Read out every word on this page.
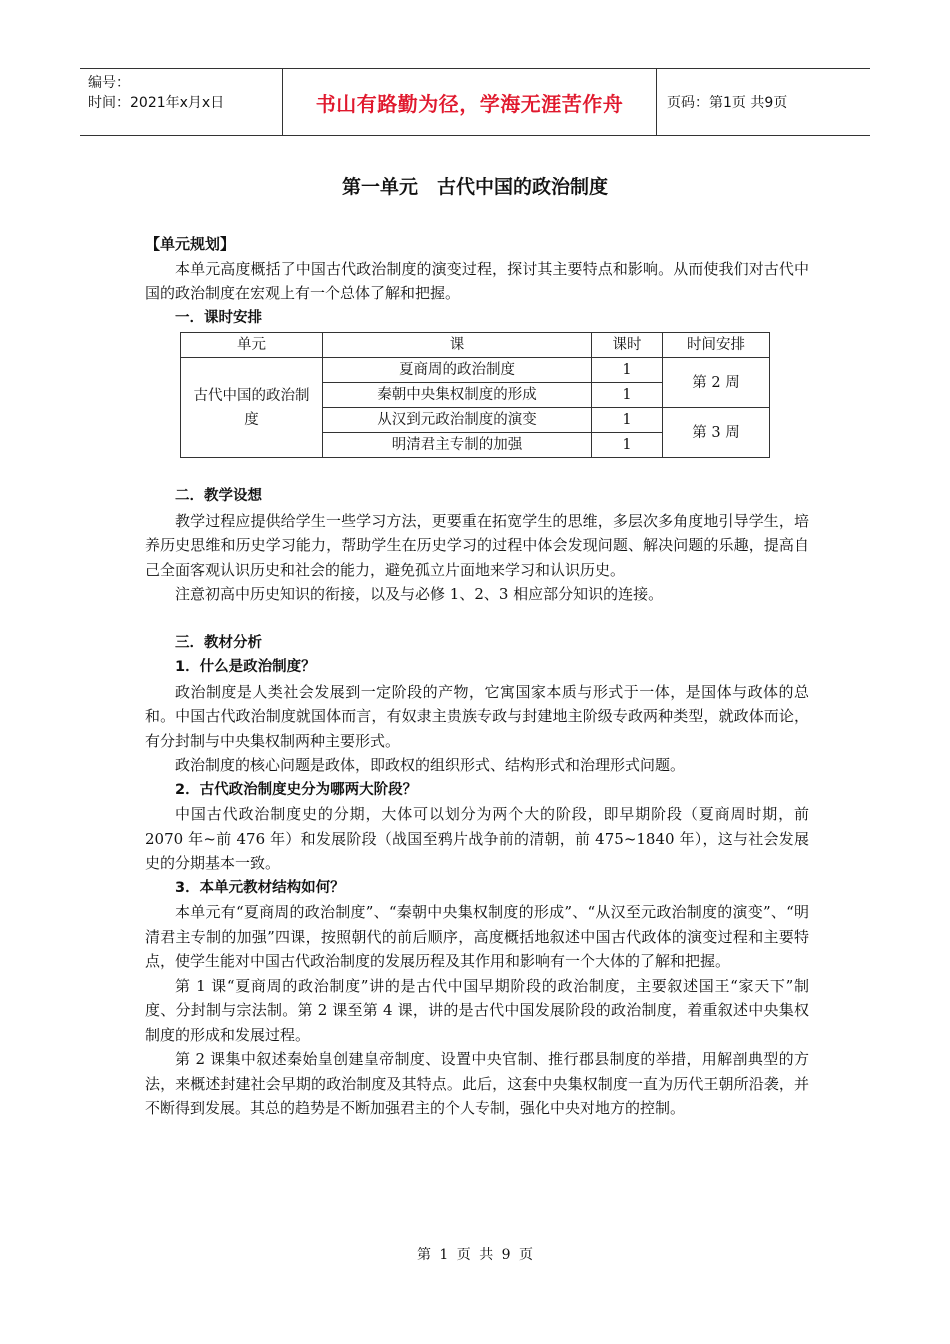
编号：
时间：2021年x月x日	书山有路勤为径，学海无涯苦作舟	页码：第1页 共9页
第一单元　古代中国的政治制度
【单元规划】

本单元高度概括了中国古代政治制度的演变过程，探讨其主要特点和影响。从而使我们对古代中国的政治制度在宏观上有一个总体了解和把握。

一．课时安排
单元	课	课时	时间安排
古代中国的政治制度	夏商周的政治制度	1	第 2 周
	秦朝中央集权制度的形成	1	
	从汉到元政治制度的演变	1	第 3 周
	明清君主专制的加强	1	
二．教学设想

教学过程应提供给学生一些学习方法，更要重在拓宽学生的思维，多层次多角度地引导学生，培养历史思维和历史学习能力，帮助学生在历史学习的过程中体会发现问题、解决问题的乐趣，提高自己全面客观认识历史和社会的能力，避免孤立片面地来学习和认识历史。

注意初高中历史知识的衔接，以及与必修 1、2、3 相应部分知识的连接。

三．教材分析
1．什么是政治制度？

政治制度是人类社会发展到一定阶段的产物，它寓国家本质与形式于一体，是国体与政体的总和。中国古代政治制度就国体而言，有奴隶主贵族专政与封建地主阶级专政两种类型，就政体而论，有分封制与中央集权制两种主要形式。

政治制度的核心问题是政体，即政权的组织形式、结构形式和治理形式问题。

2．古代政治制度史分为哪两大阶段？

中国古代政治制度史的分期，大体可以划分为两个大的阶段，即早期阶段（夏商周时期，前 2070 年~前 476 年）和发展阶段（战国至鸦片战争前的清朝，前 475~1840 年），这与社会发展史的分期基本一致。

3．本单元教材结构如何？

本单元有“夏商周的政治制度”、“秦朝中央集权制度的形成”、“从汉至元政治制度的演变”、“明清君主专制的加强”四课，按照朝代的前后顺序，高度概括地叙述中国古代政体的演变过程和主要特点，使学生能对中国古代政治制度的发展历程及其作用和影响有一个大体的了解和把握。

第 1 课“夏商周的政治制度”讲的是古代中国早期阶段的政治制度，主要叙述国王“家天下”制度、分封制与宗法制。第 2 课至第 4 课，讲的是古代中国发展阶段的政治制度，着重叙述中央集权制度的形成和发展过程。

第 2 课集中叙述秦始皇创建皇帝制度、设置中央官制、推行郡县制度的举措，用解剖典型的方法，来概述封建社会早期的政治制度及其特点。此后，这套中央集权制度一直为历代王朝所沿袭，并不断得到发展。其总的趋势是不断加强君主的个人专制，强化中央对地方的控制。

第 1 页 共 9 页
